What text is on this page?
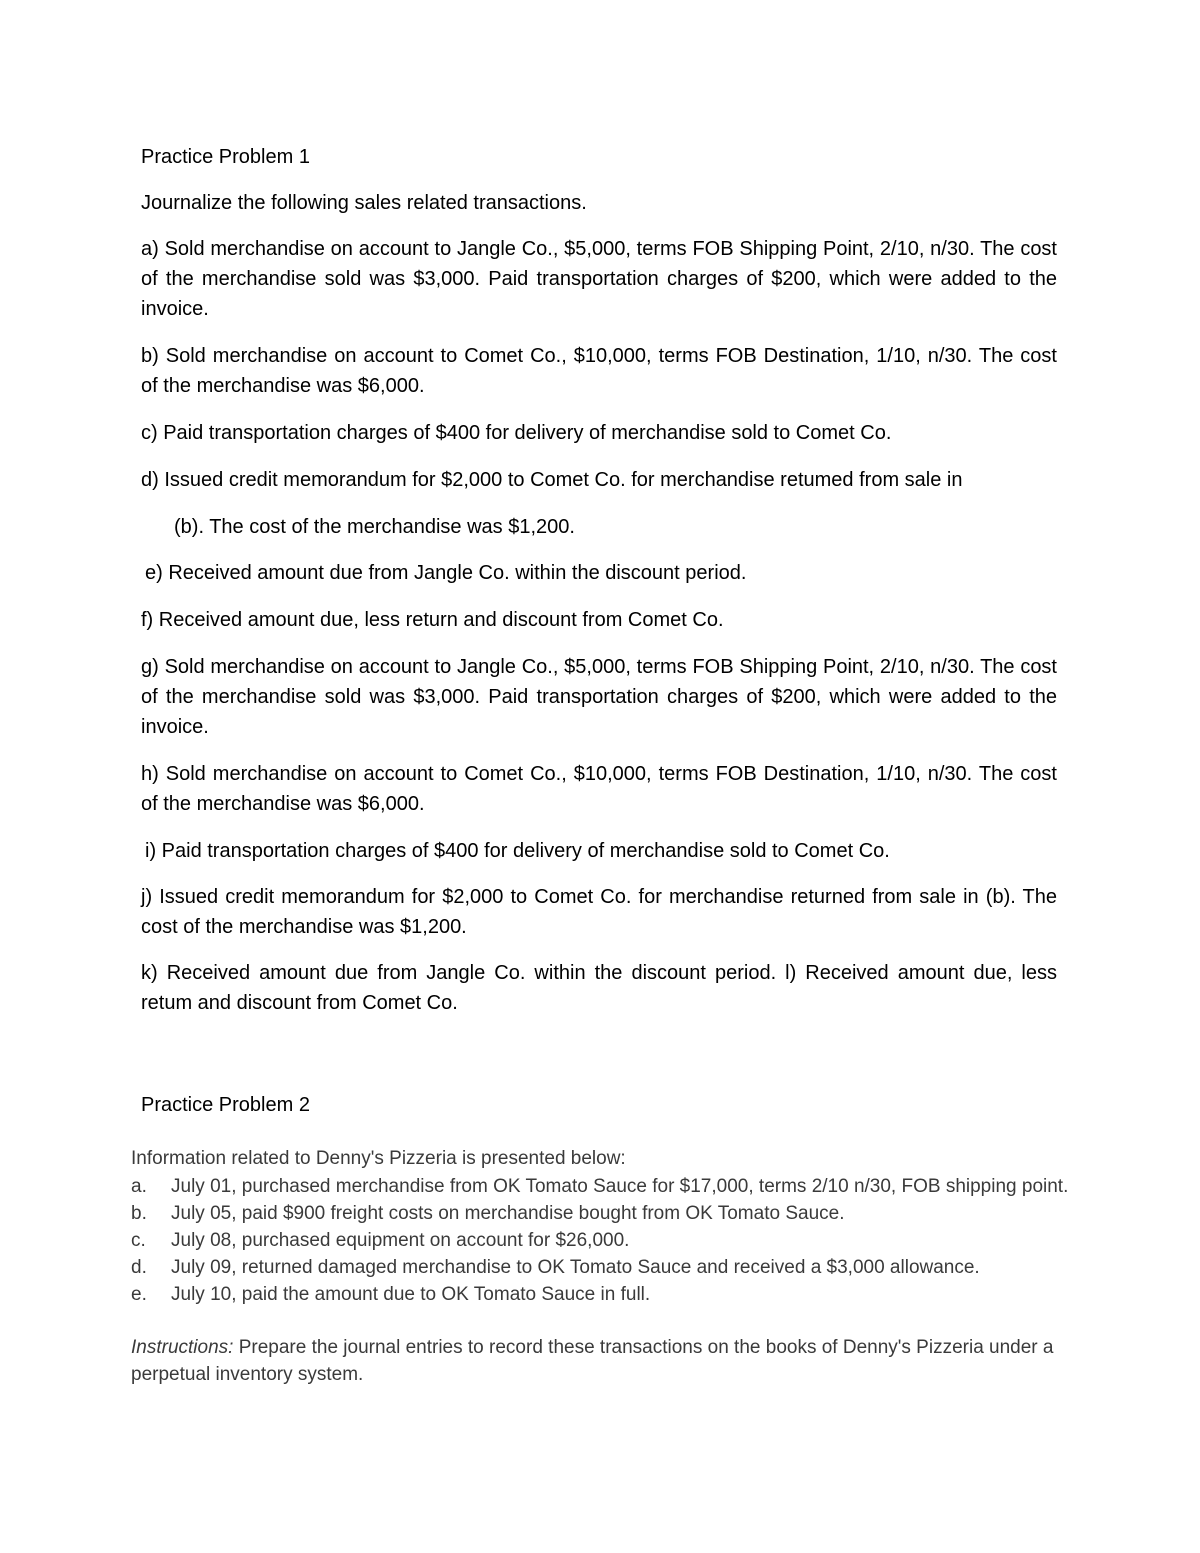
Practice Problem 1

Journalize the following sales related transactions.

a) Sold merchandise on account to Jangle Co., $5,000, terms FOB Shipping Point, 2/10, n/30. The cost of the merchandise sold was $3,000. Paid transportation charges of $200, which were added to the invoice.

b) Sold merchandise on account to Comet Co., $10,000, terms FOB Destination, 1/10, n/30. The cost of the merchandise was $6,000.

c) Paid transportation charges of $400 for delivery of merchandise sold to Comet Co.

d) Issued credit memorandum for $2,000 to Comet Co. for merchandise retumed from sale in

(b). The cost of the merchandise was $1,200.

e) Received amount due from Jangle Co. within the discount period.

f) Received amount due, less return and discount from Comet Co.

g) Sold merchandise on account to Jangle Co., $5,000, terms FOB Shipping Point, 2/10, n/30. The cost of the merchandise sold was $3,000. Paid transportation charges of $200, which were added to the invoice.

h) Sold merchandise on account to Comet Co., $10,000, terms FOB Destination, 1/10, n/30. The cost of the merchandise was $6,000.

i) Paid transportation charges of $400 for delivery of merchandise sold to Comet Co.

j) Issued credit memorandum for $2,000 to Comet Co. for merchandise returned from sale in (b). The cost of the merchandise was $1,200.

k) Received amount due from Jangle Co. within the discount period. l) Received amount due, less retum and discount from Comet Co.

Practice Problem 2

Information related to Denny's Pizzeria is presented below:

a.	July 01, purchased merchandise from OK Tomato Sauce for $17,000, terms 2/10 n/30, FOB shipping point.
b.	July 05, paid $900 freight costs on merchandise bought from OK Tomato Sauce.
c.	July 08, purchased equipment on account for $26,000.
d.	July 09, returned damaged merchandise to OK Tomato Sauce and received a $3,000 allowance.
e.	July 10, paid the amount due to OK Tomato Sauce in full.

Instructions: Prepare the journal entries to record these transactions on the books of Denny's Pizzeria under a perpetual inventory system.
